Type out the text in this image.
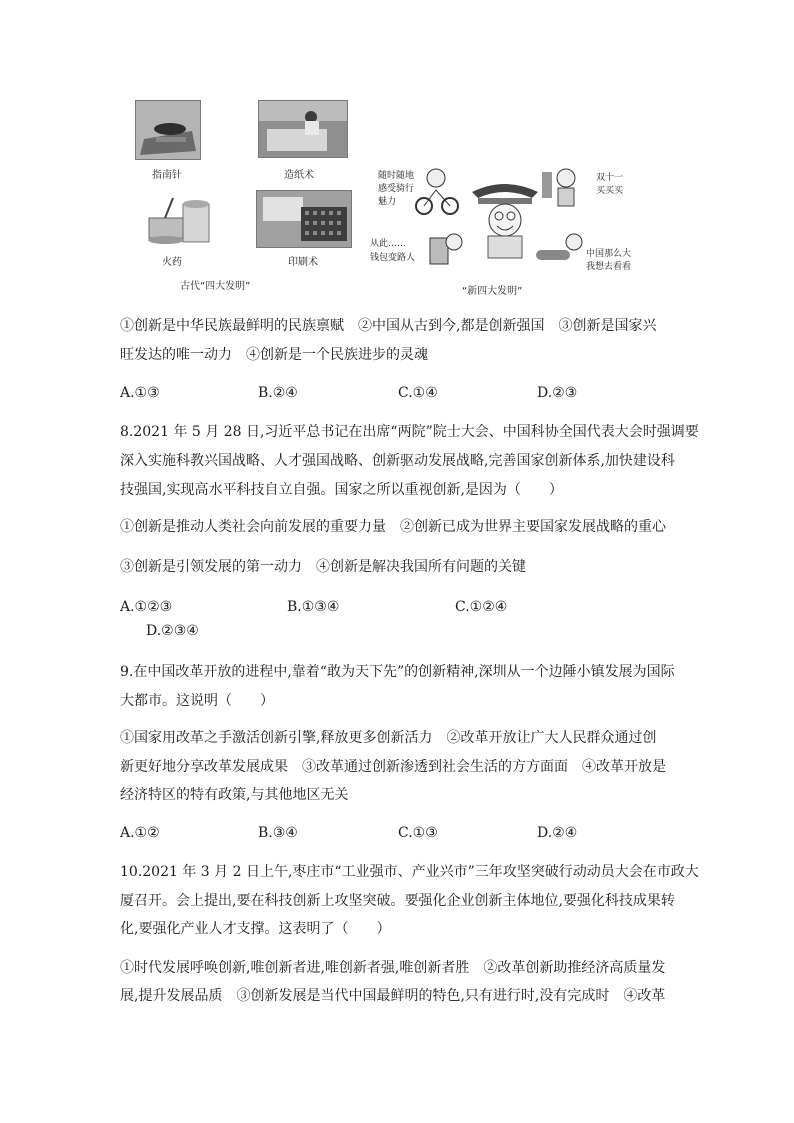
指南针	造纸术
火药	印刷术
古代“四大发明”
随时随地
感受骑行
魅力
从此……
钱包变路人
双十一
买买买
中国那么大
我想去看看
“新四大发明”
①创新是中华民族最鲜明的民族禀赋　②中国从古到今,都是创新强国　③创新是国家兴
旺发达的唯一动力　④创新是一个民族进步的灵魂
A.①③	B.②④	C.①④	D.②③
8.2021 年 5 月 28 日,习近平总书记在出席“两院”院士大会、中国科协全国代表大会时强调要
深入实施科教兴国战略、人才强国战略、创新驱动发展战略,完善国家创新体系,加快建设科
技强国,实现高水平科技自立自强。国家之所以重视创新,是因为（　　）
①创新是推动人类社会向前发展的重要力量　②创新已成为世界主要国家发展战略的重心
③创新是引领发展的第一动力　④创新是解决我国所有问题的关键
A.①②③	B.①③④	C.①②④
D.②③④
9.在中国改革开放的进程中,靠着“敢为天下先”的创新精神,深圳从一个边陲小镇发展为国际
大都市。这说明（　　）
①国家用改革之手激活创新引擎,释放更多创新活力　②改革开放让广大人民群众通过创
新更好地分享改革发展成果　③改革通过创新渗透到社会生活的方方面面　④改革开放是
经济特区的特有政策,与其他地区无关
A.①②	B.③④	C.①③	D.②④
10.2021 年 3 月 2 日上午,枣庄市“工业强市、产业兴市”三年攻坚突破行动动员大会在市政大
厦召开。会上提出,要在科技创新上攻坚突破。要强化企业创新主体地位,要强化科技成果转
化,要强化产业人才支撑。这表明了（　　）
①时代发展呼唤创新,唯创新者进,唯创新者强,唯创新者胜　②改革创新助推经济高质量发
展,提升发展品质　③创新发展是当代中国最鲜明的特色,只有进行时,没有完成时　④改革
